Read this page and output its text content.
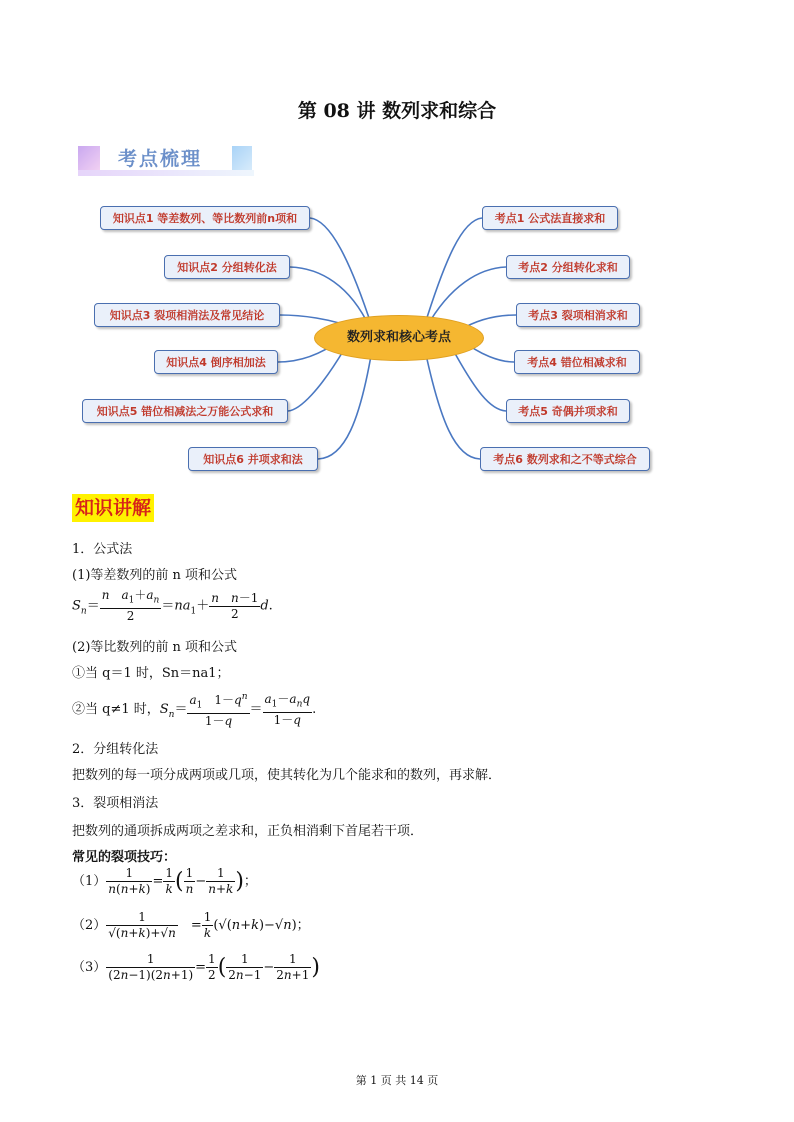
第 08 讲 数列求和综合
考点梳理
数列求和核心考点
知识点1 等差数列、等比数列前n项和
知识点2 分组转化法
知识点3 裂项相消法及常见结论
知识点4 倒序相加法
知识点5 错位相减法之万能公式求和
知识点6 并项求和法
考点1 公式法直接求和
考点2 分组转化求和
考点3 裂项相消求和
考点4 错位相减求和
考点5 奇偶并项求和
考点6 数列求和之不等式综合
知识讲解
1．公式法
(1)等差数列的前 n 项和公式
$S_n= \frac{n a_1+a_n}{2} =na_1+ \frac{\text{n　 n－1}}{2} d$.
(2)等比数列的前 n 项和公式
①当 q＝1 时，Sn＝na1；
②当 q≠1 时，$S_n= \frac{a_1 1-q^n}{1-q} = \frac{a_1-a_nq}{1-q}$ .
2．分组转化法
把数列的每一项分成两项或几项，使其转化为几个能求和的数列，再求解．
3．裂项相消法
把数列的通项拆成两项之差求和，正负相消剩下首尾若干项．
常见的裂项技巧：
$(1) \frac{1}{n(n+k)} = \frac{1}{k}$ ( $\frac{1}{n} - \frac{1}{n+k}$ )；
$(2) \frac{1}{√(n+k)+√n}$ 　= $\frac{1}{k} (√(n+k)-√n)$；
$(3) \frac{1}{(2n-1)(2n+1)} = \frac{1}{2}$ ( $\frac{1}{2n-1} - \frac{1}{2n+1}$ )
第 1 页 共 14 页
